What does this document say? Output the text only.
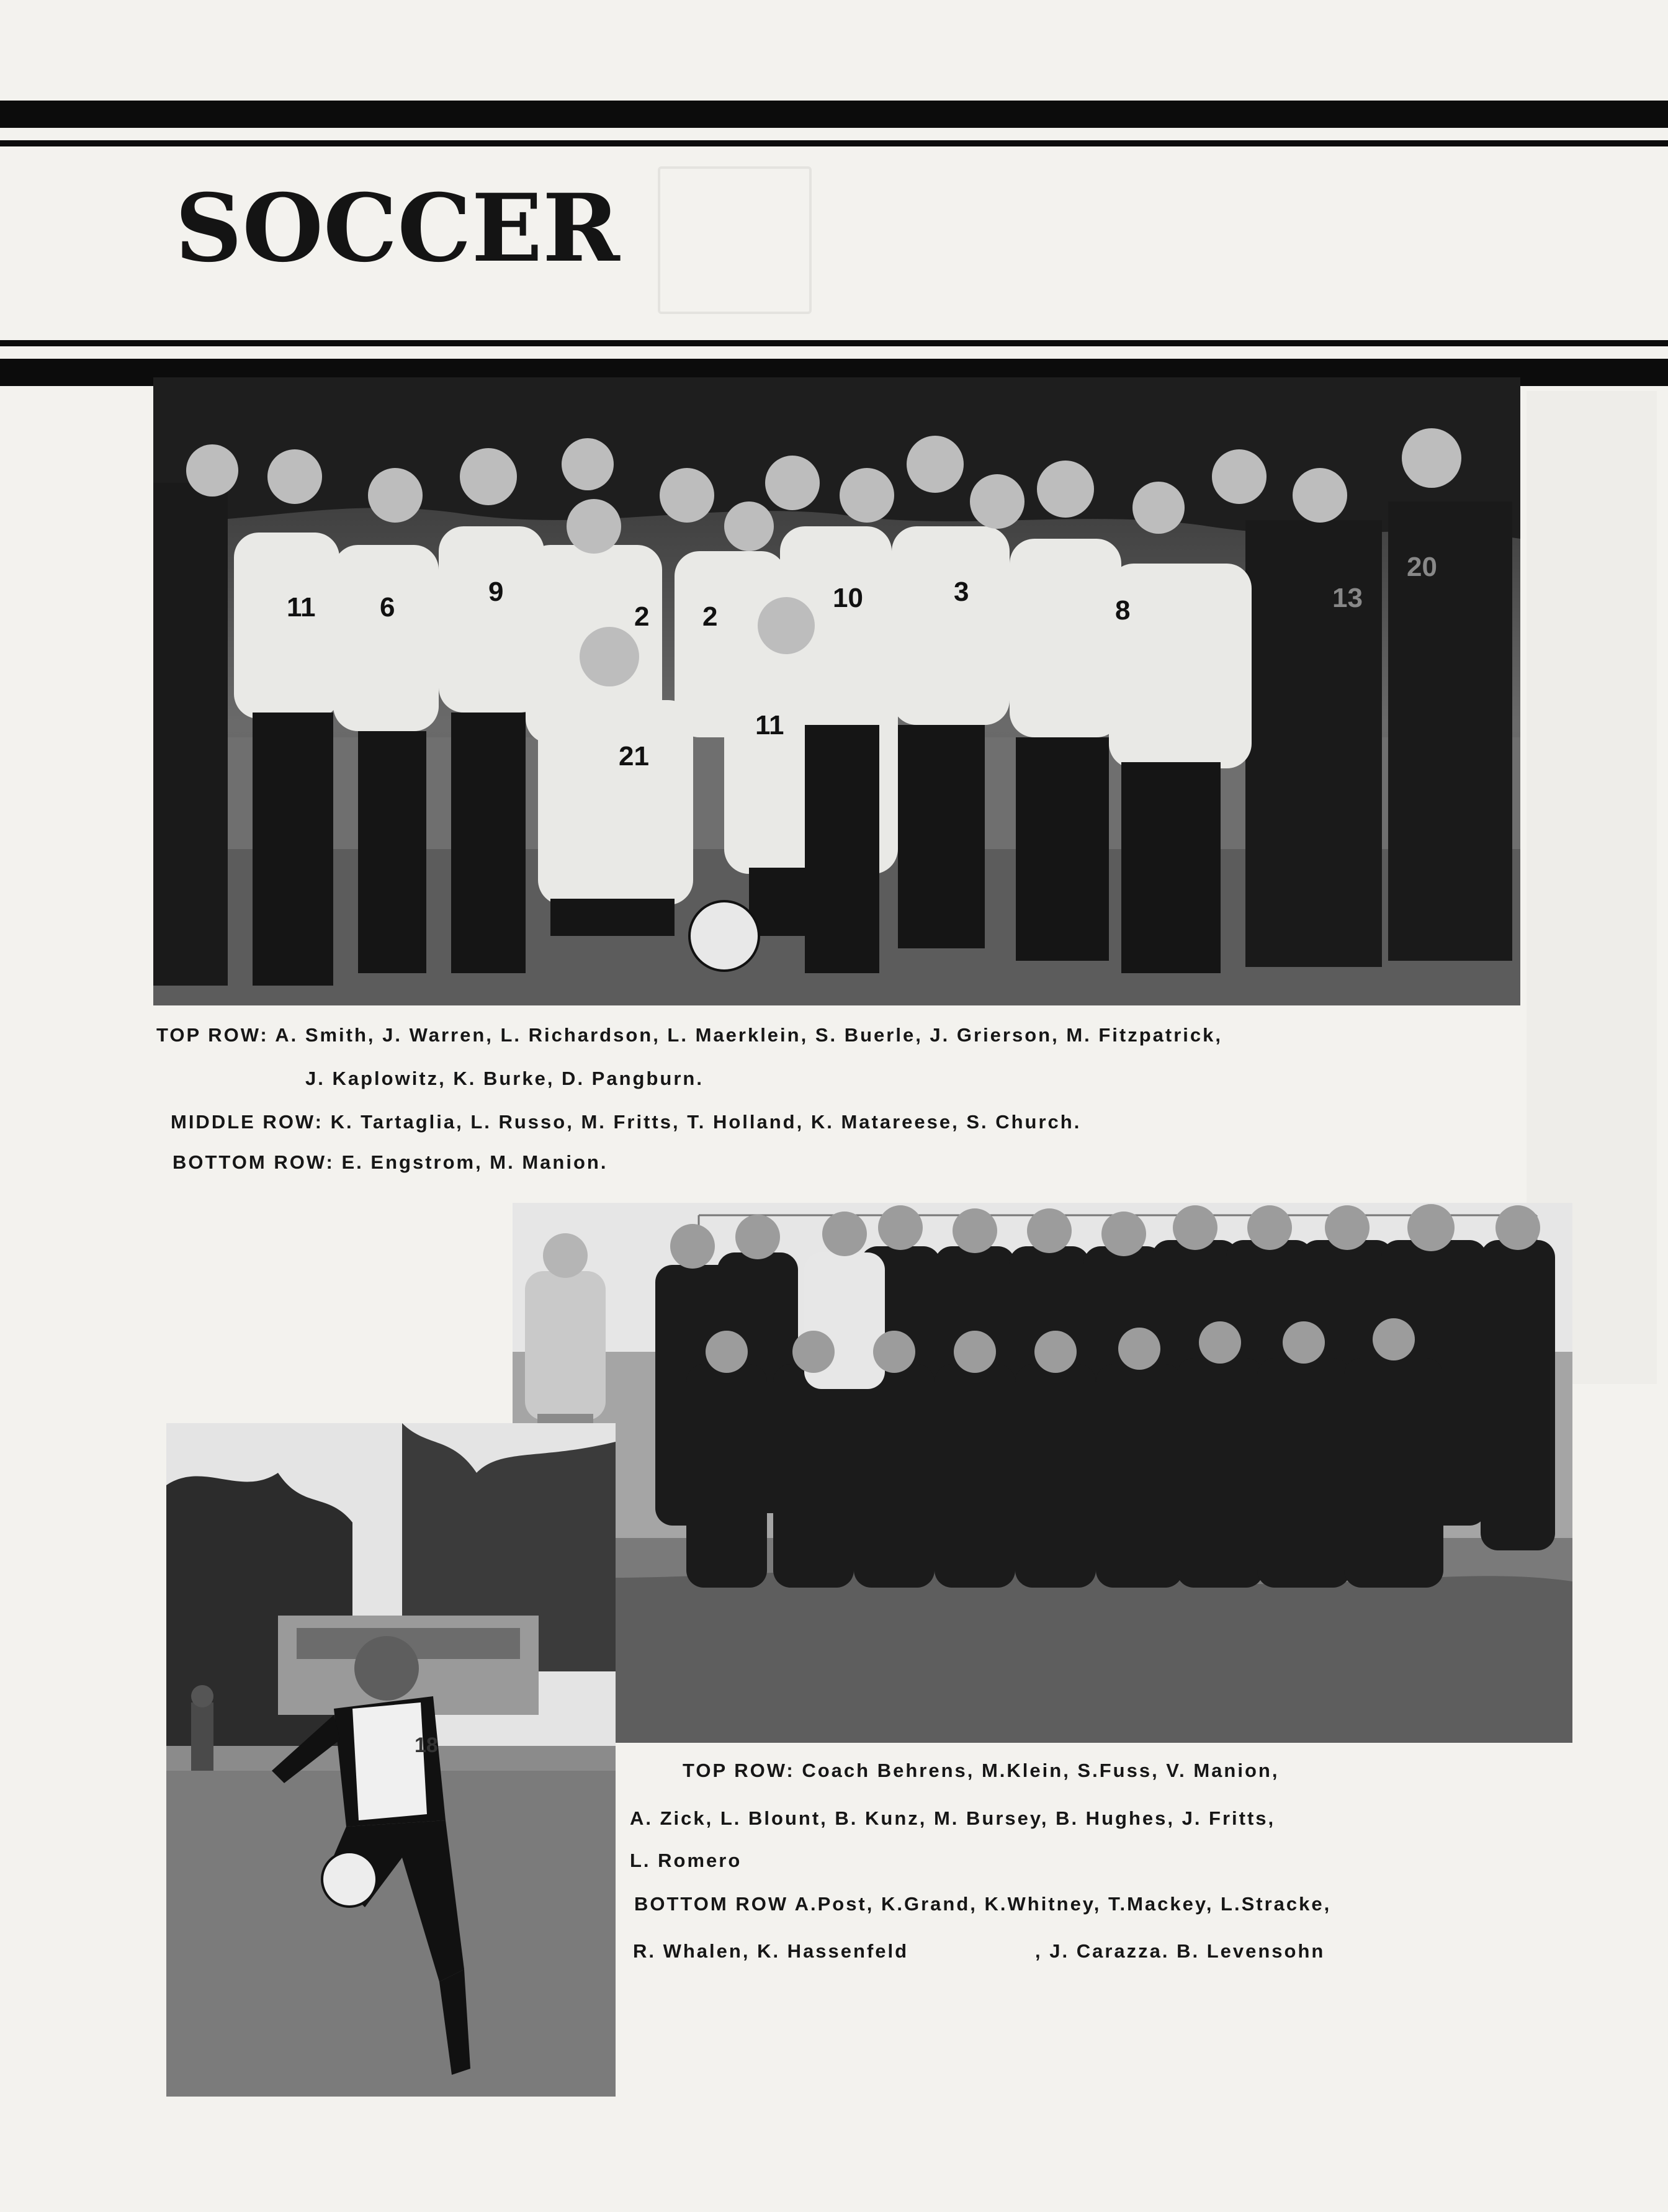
SOCCER
11 6
9
2 2
10	3
8	13
20
21
11

TOP ROW: A. Smith, J. Warren, L. Richardson, L. Maerklein, S. Buerle, J. Grierson, M. Fitzpatrick,

J. Kaplowitz, K. Burke, D. Pangburn.

MIDDLE ROW: K. Tartaglia, L. Russo, M. Fritts, T. Holland, K. Matareese, S. Church.

BOTTOM ROW: E. Engstrom, M. Manion.

18

TOP ROW: Coach Behrens, M.Klein, S.Fuss, V. Manion,

A. Zick, L. Blount, B. Kunz, M. Bursey, B. Hughes, J. Fritts,

L. Romero

BOTTOM ROW A.Post, K.Grand, K.Whitney, T.Mackey, L.Stracke,

R. Whalen, K. Hassenfeld	, J. Carazza. B. Levensohn
